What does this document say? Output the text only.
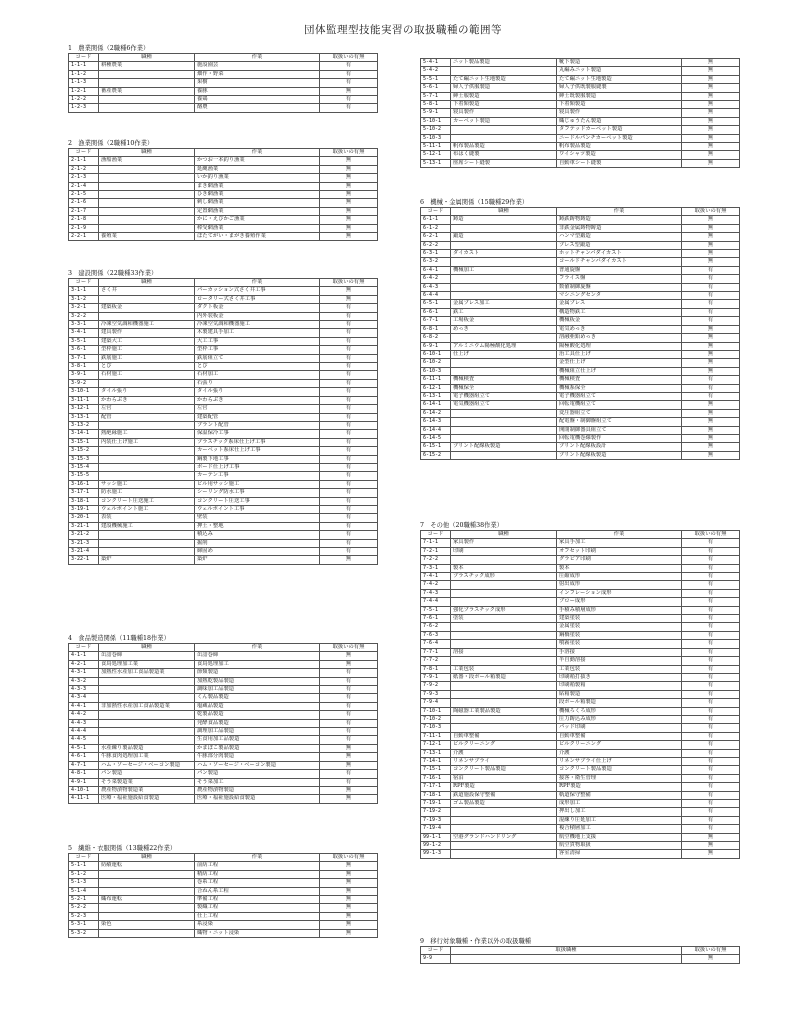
団体監理型技能実習の取扱職種の範囲等
1　農業関係（2職種6作業）
コード	職種	作業	取扱いの有無
1-1-1	耕種農業	施設園芸	有
1-1-2		畑作・野菜	有
1-1-3		果樹	有
1-2-1	畜産農業	養豚	無
1-2-2		養鶏	有
1-2-3		酪農	有
2　漁業関係（2職種10作業）
コード	職種	作業	取扱いの有無
2-1-1	漁船漁業	かつお一本釣り漁業	無
2-1-2		延縄漁業	無
2-1-3		いか釣り漁業	無
2-1-4		まき網漁業	無
2-1-5		ひき網漁業	無
2-1-6		刺し網漁業	無
2-1-7		定置網漁業	無
2-1-8		かに・えびかご漁業	無
2-1-9		棒受網漁業	無
2-2-1	養殖業	ほたてがい・まがき養殖作業	無
3　建設関係（22職種33作業）
コード	職種	作業	取扱いの有無
3-1-1	さく井	パーカッション式さく井工事	無
3-1-2		ロータリー式さく井工事	無
3-2-1	建築板金	ダクト板金	有
3-2-2		内外装板金	有
3-3-1	冷凍空気調和機器施工	冷凍空気調和機器施工	有
3-4-1	建具製作	木製建具手加工	有
3-5-1	建築大工	大工工事	有
3-6-1	型枠施工	型枠工事	有
3-7-1	鉄筋施工	鉄筋組立て	有
3-8-1	とび	とび	有
3-9-1	石材施工	石材加工	有
3-9-2		石張り	有
3-10-1	タイル張り	タイル張り	有
3-11-1	かわらぶき	かわらぶき	有
3-12-1	左官	左官	有
3-13-1	配管	建築配管	有
3-13-2		プラント配管	有
3-14-1	熱絶縁施工	保温保冷工事	有
3-15-1	内装仕上げ施工	プラスチック系床仕上げ工事	有
3-15-2		カーペット系床仕上げ工事	有
3-15-3		鋼製下地工事	有
3-15-4		ボード仕上げ工事	有
3-15-5		カーテン工事	有
3-16-1	サッシ施工	ビル用サッシ施工	有
3-17-1	防水施工	シーリング防水工事	有
3-18-1	コンクリート圧送施工	コンクリート圧送工事	有
3-19-1	ウェルポイント施工	ウェルポイント工事	有
3-20-1	表装	壁装	有
3-21-1	建設機械施工	押土・整地	有
3-21-2		積込み	有
3-21-3		掘削	有
3-21-4		締固め	有
3-22-1	築炉	築炉	無
4　食品製造関係（11職種18作業）
コード	職種	作業	取扱いの有無
4-1-1	缶詰巻締	缶詰巻締	無
4-2-1	食鳥処理加工業	食鳥処理加工	無
4-3-1	加熱性水産加工食品製造業	節類製造	有
4-3-2		加熱乾製品製造	有
4-3-3		調味加工品製造	有
4-3-4		くん製品製造	有
4-4-1	非加熱性水産加工食品製造業	塩蔵品製造	有
4-4-2		乾製品製造	有
4-4-3		発酵食品製造	有
4-4-4		調理加工品製造	有
4-4-5		生食用加工品製造	有
4-5-1	水産練り製品製造	かまぼこ製品製造	無
4-6-1	牛豚食肉処理加工業	牛豚部分肉製造	無
4-7-1	ハム・ソーセージ・ベーコン製造	ハム・ソーセージ・ベーコン製造	無
4-8-1	パン製造	パン製造	有
4-9-1	そう菜製造業	そう菜加工	有
4-10-1	農産物漬物製造業	農産物漬物製造	無
4-11-1	医療・福祉施設給食製造	医療・福祉施設給食製造	無
5　繊維・衣服関係（13職種22作業）
コード	職種	作業	取扱いの有無
5-1-1	紡績運転	前紡工程	無
5-1-2		精紡工程	無
5-1-3		巻糸工程	無
5-1-4		合ねん糸工程	無
5-2-1	織布運転	準備工程	無
5-2-2		製織工程	無
5-2-3		仕上工程	無
5-3-1	染色	糸浸染	無
5-3-2		織物・ニット浸染	無
5-4-1	ニット製品製造	靴下製造	無
5-4-2		丸編みニット製造	無
5-5-1	たて編ニット生地製造	たて編ニット生地製造	無
5-6-1	婦人子供服製造	婦人子供既製服縫製	無
5-7-1	紳士服製造	紳士既製服製造	無
5-8-1	下着類製造	下着類製造	無
5-9-1	寝具製作	寝具製作	無
5-10-1	カーペット製造	織じゅうたん製造	無
5-10-2		タフテッドカーペット製造	無
5-10-3		ニードルパンチカーペット製造	無
5-11-1	帆布製品製造	帆布製品製造	無
5-12-1	布はく縫製	ワイシャツ製造	無
5-13-1	座席シート縫製	自動車シート縫製	無
6　機械・金属関係（15職種29作業）
コード	職種	作業	取扱いの有無
6-1-1	鋳造	鋳鉄鋳物鋳造	無
6-1-2		非鉄金属鋳物鋳造	無
6-2-1	鍛造	ハンマ型鍛造	無
6-2-2		プレス型鍛造	無
6-3-1	ダイカスト	ホットチャンバダイカスト	無
6-3-2		コールドチャンバダイカスト	無
6-4-1	機械加工	普通旋盤	有
6-4-2		フライス盤	有
6-4-3		数値制御旋盤	有
6-4-4		マシニングセンタ	有
6-5-1	金属プレス加工	金属プレス	有
6-6-1	鉄工	構造物鉄工	有
6-7-1	工場板金	機械板金	有
6-8-1	めっき	電気めっき	無
6-8-2		溶融亜鉛めっき	無
6-9-1	アルミニウム陽極酸化処理	陽極酸化処理	無
6-10-1	仕上げ	治工具仕上げ	無
6-10-2		金型仕上げ	無
6-10-3		機械組立仕上げ	無
6-11-1	機械検査	機械検査	有
6-12-1	機械保全	機械系保全	有
6-13-1	電子機器組立て	電子機器組立て	有
6-14-1	電気機器組立て	回転電機組立て	無
6-14-2		変圧器組立て	無
6-14-3		配電盤・制御盤組立て	無
6-14-4		開閉制御器具組立て	無
6-14-5		回転電機巻線製作	無
6-15-1	プリント配線板製造	プリント配線板設計	無
6-15-2		プリント配線板製造	無
7　その他（20職種38作業）
コード	職種	作業	取扱いの有無
7-1-1	家具製作	家具手加工	有
7-2-1	印刷	オフセット印刷	有
7-2-2		グラビア印刷	有
7-3-1	製本	製本	有
7-4-1	プラスチック成形	圧縮成形	有
7-4-2		射出成形	有
7-4-3		インフレーション成形	有
7-4-4		ブロー成形	有
7-5-1	強化プラスチック成形	手積み積層成形	有
7-6-1	塗装	建築塗装	有
7-6-2		金属塗装	有
7-6-3		鋼橋塗装	有
7-6-4		噴霧塗装	有
7-7-1	溶接	手溶接	有
7-7-2		半自動溶接	有
7-8-1	工業包装	工業包装	有
7-9-1	紙器・段ボール箱製造	印刷箱打抜き	有
7-9-2		印刷箱製箱	有
7-9-3		貼箱製造	有
7-9-4		段ボール箱製造	有
7-10-1	陶磁器工業製品製造	機械ろくろ成形	有
7-10-2		圧力鋳込み成形	有
7-10-3		パッド印刷	有
7-11-1	自動車整備	自動車整備	有
7-12-1	ビルクリーニング	ビルクリーニング	有
7-13-1	介護	介護	有
7-14-1	リネンサプライ	リネンサプライ仕上げ	有
7-15-1	コンクリート製品製造	コンクリート製品製造	有
7-16-1	宿泊	接客・衛生管理	有
7-17-1	RPF製造	RPF製造	有
7-18-1	鉄道施設保守整備	軌道保守整備	有
7-19-1	ゴム製品製造	成形加工	有
7-19-2		押出し加工	有
7-19-3		混練り圧延加工	有
7-19-4		複合積層加工	有
99-1-1	空港グランドハンドリング	航空機地上支援	無
99-1-2		航空貨物取扱	無
99-1-3		客室清掃	無
9　移行対象職種・作業以外の取扱職種
コード	取扱職種	取扱いの有無
9-9		無
